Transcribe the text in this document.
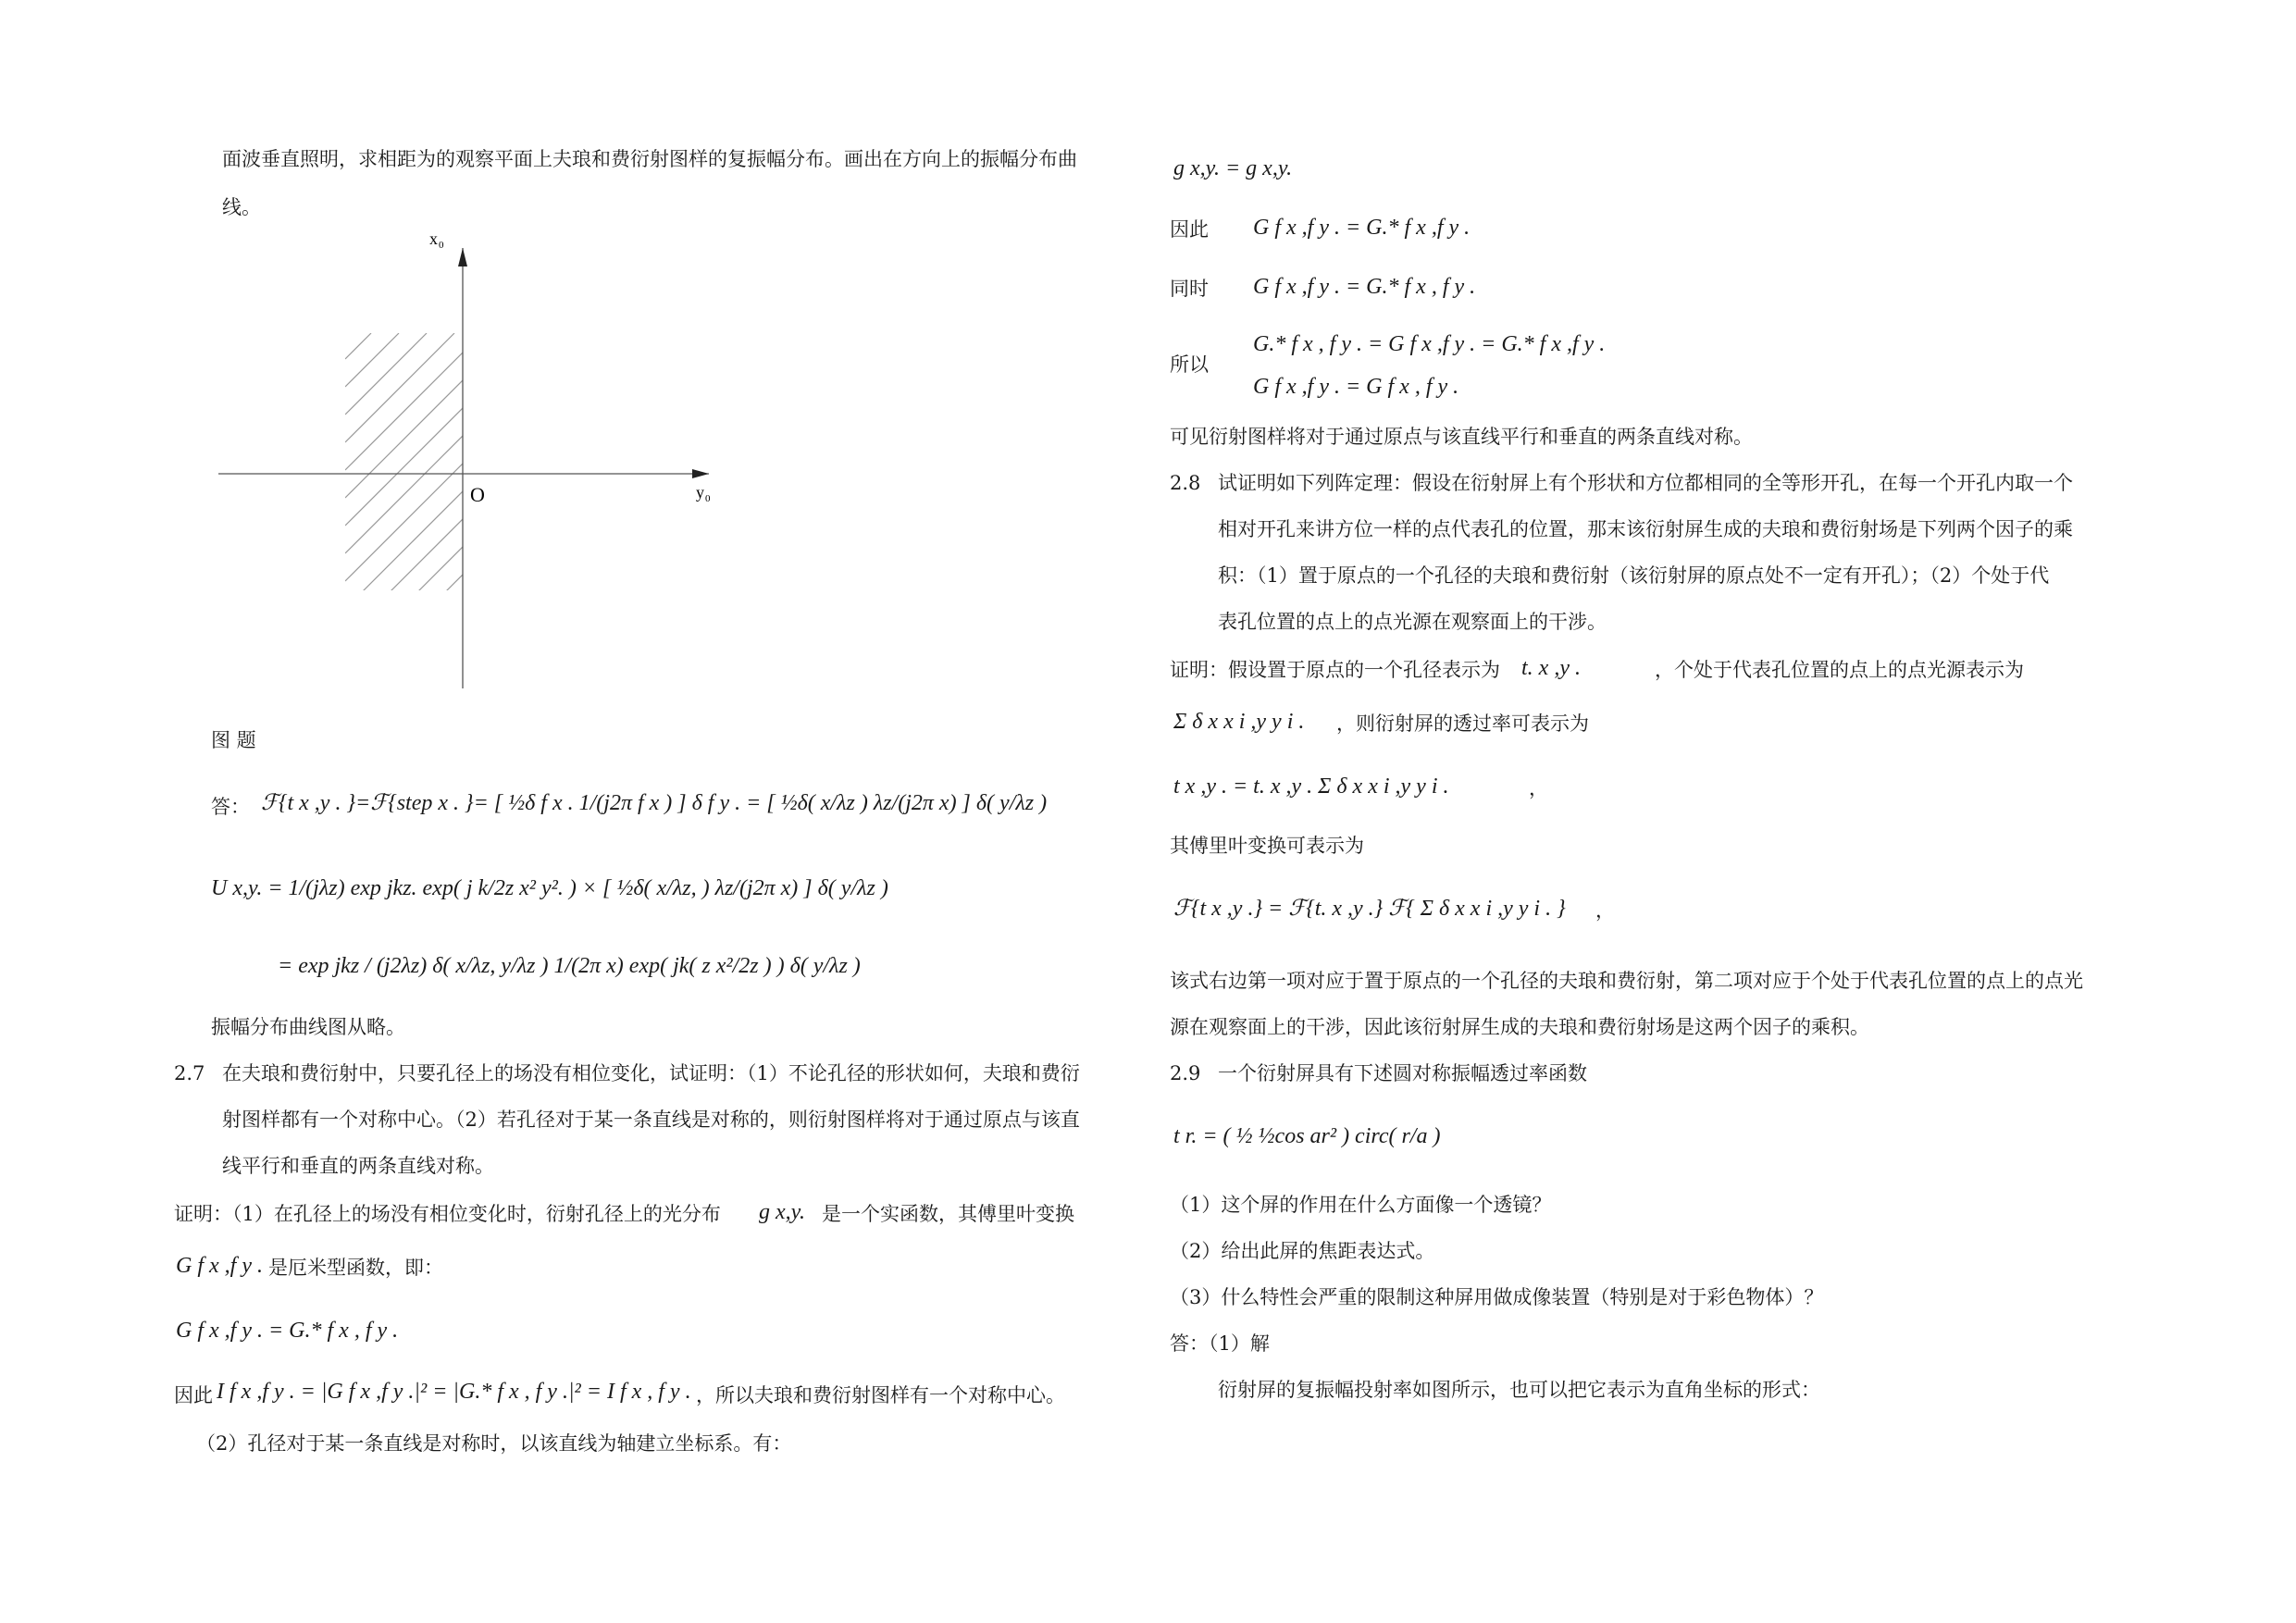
面波垂直照明，求相距为的观察平面上夫琅和费衍射图样的复振幅分布。画出在方向上的振幅分布曲
线。
x 0
y 0
O
图 题
答： ℱ{t x ,y . }=ℱ{step x . }= [ ½δ f x . 1/(j2π f x ) ] δ f y . = [ ½δ( x/λz ) λz/(j2π x) ] δ( y/λz )
U x,y. = 1/(jλz) exp jkz. exp( j k/2z x² y². ) × [ ½δ( x/λz, ) λz/(j2π x) ] δ( y/λz )
= exp jkz / (j2λz) δ( x/λz, y/λz ) 1/(2π x) exp( jk( z x²/2z ) ) δ( y/λz )
振幅分布曲线图从略。
2.7 在夫琅和费衍射中，只要孔径上的场没有相位变化，试证明：（1）不论孔径的形状如何，夫琅和费衍
射图样都有一个对称中心。（2）若孔径对于某一条直线是对称的，则衍射图样将对于通过原点与该直
线平行和垂直的两条直线对称。
证明：（1）在孔径上的场没有相位变化时，衍射孔径上的光分布 g x,y. 是一个实函数，其傅里叶变换
G f x ,f y . 是厄米型函数，即：
G f x ,f y . = G.* f x , f y .
因此 I f x ,f y . = |G f x ,f y .|² = |G.* f x , f y .|² = I f x , f y . ，所以夫琅和费衍射图样有一个对称中心。
（2）孔径对于某一条直线是对称时，以该直线为轴建立坐标系。有：
g x,y. = g x,y.
因此 G f x ,f y . = G.* f x ,f y .
同时 G f x ,f y . = G.* f x , f y .
所以
G.* f x , f y . = G f x ,f y . = G.* f x ,f y .
G f x ,f y . = G f x , f y .
可见衍射图样将对于通过原点与该直线平行和垂直的两条直线对称。
2.8 试证明如下列阵定理：假设在衍射屏上有个形状和方位都相同的全等形开孔，在每一个开孔内取一个
相对开孔来讲方位一样的点代表孔的位置，那末该衍射屏生成的夫琅和费衍射场是下列两个因子的乘
积：（1）置于原点的一个孔径的夫琅和费衍射（该衍射屏的原点处不一定有开孔）；（2）个处于代
表孔位置的点上的点光源在观察面上的干涉。
证明：假设置于原点的一个孔径表示为 t. x ,y .	，个处于代表孔位置的点上的点光源表示为
Σ δ x x i ,y y i . ，则衍射屏的透过率可表示为
t x ,y . = t. x ,y . Σ δ x x i ,y y i .	，
其傅里叶变换可表示为
ℱ{t x ,y .} = ℱ{t. x ,y .} ℱ{ Σ δ x x i ,y y i . } ，
该式右边第一项对应于置于原点的一个孔径的夫琅和费衍射，第二项对应于个处于代表孔位置的点上的点光
源在观察面上的干涉，因此该衍射屏生成的夫琅和费衍射场是这两个因子的乘积。
2.9 一个衍射屏具有下述圆对称振幅透过率函数
t r. = ( ½ ½cos ar² ) circ( r/a )
（1）这个屏的作用在什么方面像一个透镜？
（2）给出此屏的焦距表达式。
（3）什么特性会严重的限制这种屏用做成像装置（特别是对于彩色物体）？
答：（1）解
衍射屏的复振幅投射率如图所示，也可以把它表示为直角坐标的形式：
